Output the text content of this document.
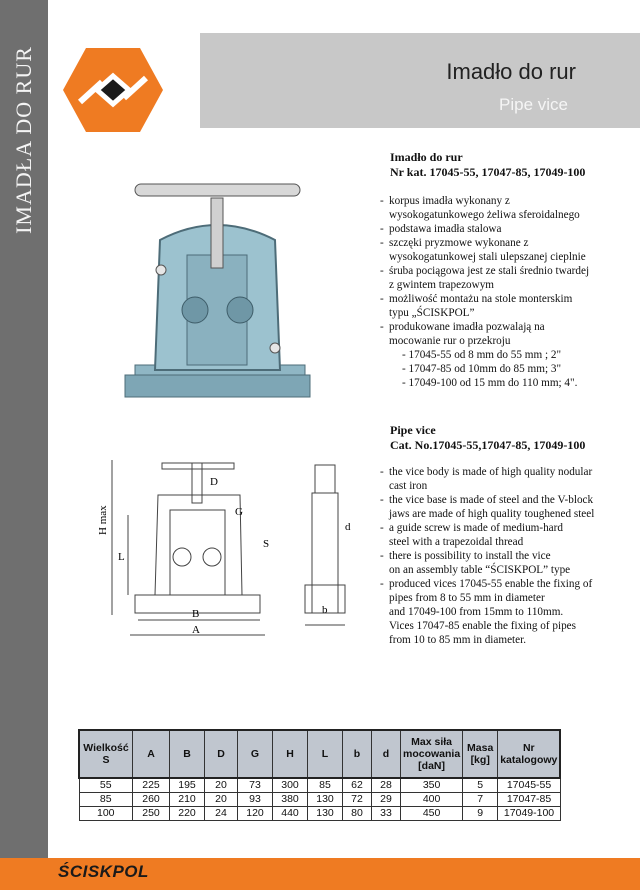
IMADŁA DO RUR	Imadło do rur
Pipe vice
H max
L
D
G
S
B
A
d
b
Imadło do rur
Nr kat. 17045-55, 17047-85, 17049-100
- korpus imadła wykonany z
wysokogatunkowego żeliwa sferoidalnego
- podstawa imadła stalowa
- szczęki pryzmowe wykonane z
wysokogatunkowej stali ulepszanej cieplnie
- śruba pociągowa jest ze stali średnio twardej
z gwintem trapezowym
- możliwość montażu na stole monterskim
typu „ŚCISKPOL”
- produkowane imadła pozwalają na
mocowanie rur o przekroju
- 17045-55 od 8 mm do 55 mm ; 2"
- 17047-85 od 10mm do 85 mm; 3"
- 17049-100 od 15 mm do 110 mm; 4".
Pipe vice
Cat. No.17045-55,17047-85, 17049-100
- the vice body is made of high quality nodular
cast iron
- the vice base is made of steel and the V-block
jaws are made of high quality toughened steel
- a guide screw is made of medium-hard
steel with a trapezoidal thread
- there is possibility to install the vice
on an assembly table “ŚCISKPOL” type
- produced vices 17045-55 enable the fixing of
pipes from 8 to 55 mm in diameter
and 17049-100 from 15mm to 110mm.
Vices 17047-85 enable the fixing of pipes
from 10 to 85 mm in diameter.
Wielkość S	A	B	D	G	H	L	b	d	Max siła mocowania [daN]	Masa [kg]	Nr katalogowy
55	225	195	20	73	300	85	62	28	350	5	17045-55
85	260	210	20	93	380	130	72	29	400	7	17047-85
100	250	220	24	120	440	130	80	33	450	9	17049-100
ŚCISKPOL
